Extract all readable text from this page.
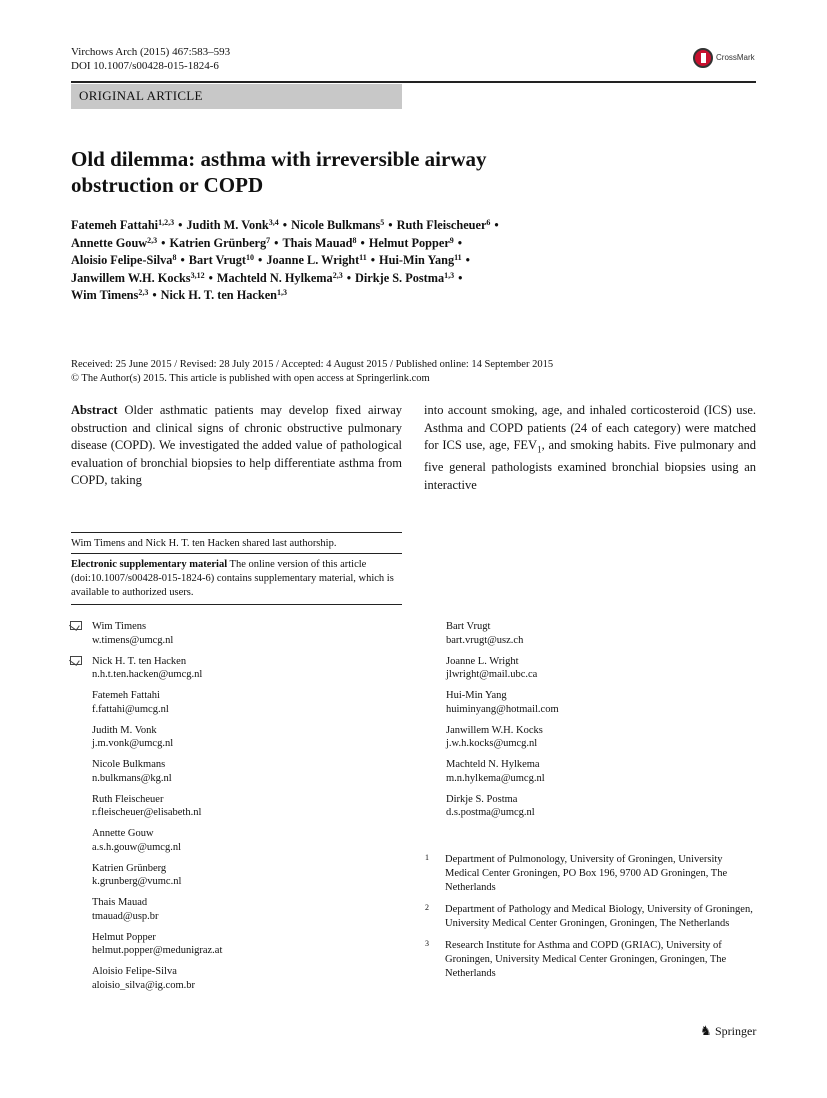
Virchows Arch (2015) 467:583–593
DOI 10.1007/s00428-015-1824-6
CrossMark
ORIGINAL ARTICLE
Old dilemma: asthma with irreversible airway
obstruction or COPD
Fatemeh Fattahi$^{1,2,3}$ • Judith M. Vonk$^{3,4}$ • Nicole Bulkmans$^5$ • Ruth Fleischeuer$^6$ •
Annette Gouw$^{2,3}$ • Katrien Grünberg$^7$ • Thais Mauad$^8$ • Helmut Popper$^9$ •
Aloisio Felipe-Silva$^8$ • Bart Vrugt$^{10}$ • Joanne L. Wright$^{11}$ • Hui-Min Yang$^{11}$ •
Janwillem W.H. Kocks$^{3,12}$ • Machteld N. Hylkema$^{2,3}$ • Dirkje S. Postma$^{1,3}$ •
Wim Timens$^{2,3}$ • Nick H. T. ten Hacken$^{1,3}$
Received: 25 June 2015 / Revised: 28 July 2015 / Accepted: 4 August 2015 / Published online: 14 September 2015
© The Author(s) 2015. This article is published with open access at Springerlink.com
Abstract Older asthmatic patients may develop fixed airway obstruction and clinical signs of chronic obstructive pulmonary disease (COPD). We investigated the added value of pathological evaluation of bronchial biopsies to help differentiate asthma from COPD, taking
into account smoking, age, and inhaled corticosteroid (ICS) use. Asthma and COPD patients (24 of each category) were matched for ICS use, age, $FEV_1$, and smoking habits. Five pulmonary and five general pathologists examined bronchial biopsies using an interactive
Wim Timens and Nick H. T. ten Hacken shared last authorship.
Electronic supplementary material The online version of this article (doi:10.1007/s00428-015-1824-6) contains supplementary material, which is available to authorized users.
Wim Timens
w.timens@umcg.nl
Nick H. T. ten Hacken
n.h.t.ten.hacken@umcg.nl
Fatemeh Fattahi
f.fattahi@umcg.nl
Judith M. Vonk
j.m.vonk@umcg.nl
Nicole Bulkmans
n.bulkmans@kg.nl
Ruth Fleischeuer
r.fleischeuer@elisabeth.nl
Annette Gouw
a.s.h.gouw@umcg.nl
Katrien Grünberg
k.grunberg@vumc.nl
Thais Mauad
tmauad@usp.br
Helmut Popper
helmut.popper@medunigraz.at
Aloisio Felipe-Silva
aloisio_silva@ig.com.br
Bart Vrugt
bart.vrugt@usz.ch
Joanne L. Wright
jlwright@mail.ubc.ca
Hui-Min Yang
huiminyang@hotmail.com
Janwillem W.H. Kocks
j.w.h.kocks@umcg.nl
Machteld N. Hylkema
m.n.hylkema@umcg.nl
Dirkje S. Postma
d.s.postma@umcg.nl
1 Department of Pulmonology, University of Groningen, University Medical Center Groningen, PO Box 196, 9700 AD Groningen, The Netherlands
2 Department of Pathology and Medical Biology, University of Groningen, University Medical Center Groningen, Groningen, The Netherlands
3 Research Institute for Asthma and COPD (GRIAC), University of Groningen, University Medical Center Groningen, Groningen, The Netherlands
♞ Springer
